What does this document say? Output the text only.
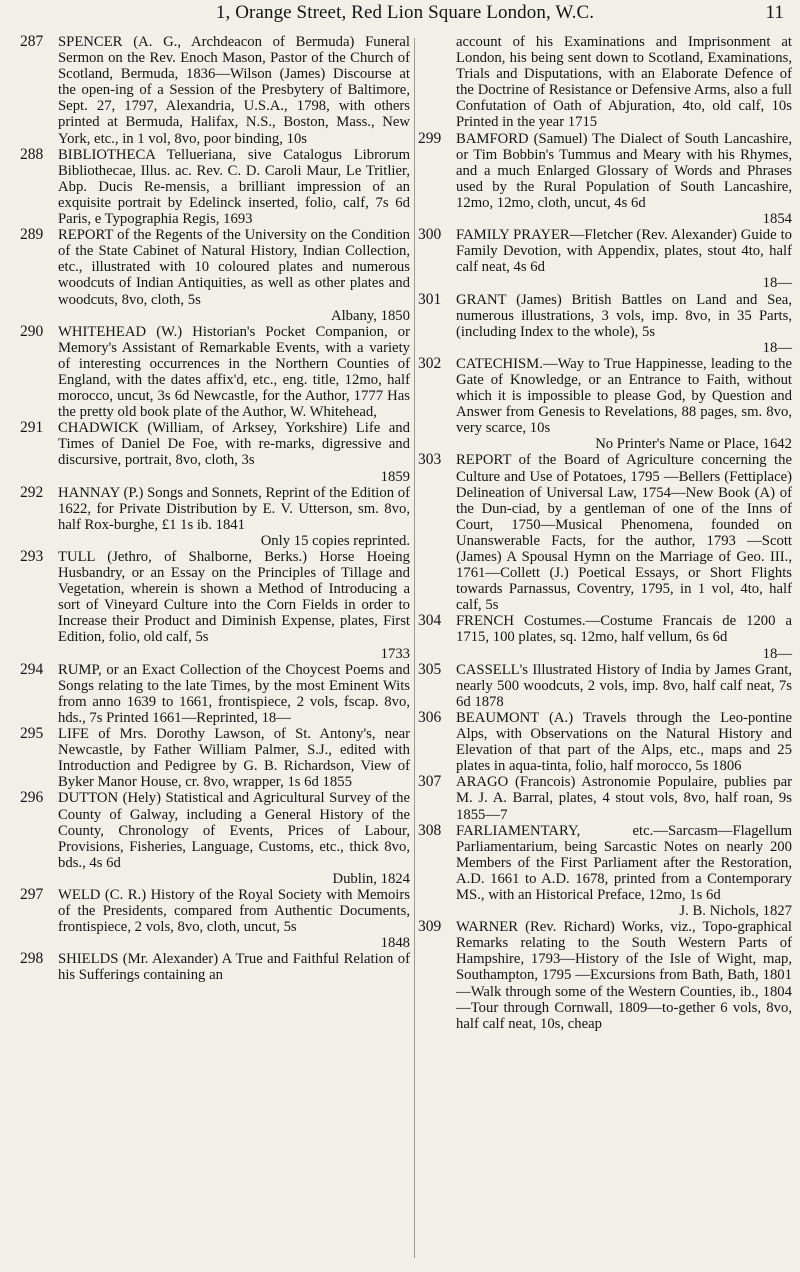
1, Orange Street, Red Lion Square London, W.C.	11
287 SPENCER (A. G., Archdeacon of Bermuda) Funeral Sermon on the Rev. Enoch Mason, Pastor of the Church of Scotland, Bermuda, 1836—Wilson (James) Discourse at the open-ing of a Session of the Presbytery of Baltimore, Sept. 27, 1797, Alexandria, U.S.A., 1798, with others printed at Bermuda, Halifax, N.S., Boston, Mass., New York, etc., in 1 vol, 8vo, poor binding, 10s

288 BIBLIOTHECA Tellueriana, sive Catalogus Librorum Bibliothecae, Illus. ac. Rev. C. D. Caroli Maur, Le Tritlier, Abp. Ducis Re-mensis, a brilliant impression of an exquisite portrait by Edelinck inserted, folio, calf, 7s 6d Paris, e Typographia Regis, 1693

289 REPORT of the Regents of the University on the Condition of the State Cabinet of Natural History, Indian Collection, etc., illustrated with 10 coloured plates and numerous woodcuts of Indian Antiquities, as well as other plates and woodcuts, 8vo, cloth, 5s

Albany, 1850
290 WHITEHEAD (W.) Historian's Pocket Companion, or Memory's Assistant of Remarkable Events, with a variety of interesting occurrences in the Northern Counties of England, with the dates affix'd, etc., eng. title, 12mo, half morocco, uncut, 3s 6d Newcastle, for the Author, 1777 Has the pretty old book plate of the Author, W. Whitehead,

291 CHADWICK (William, of Arksey, Yorkshire) Life and Times of Daniel De Foe, with re-marks, digressive and discursive, portrait, 8vo, cloth, 3s

1859
292 HANNAY (P.) Songs and Sonnets, Reprint of the Edition of 1622, for Private Distribution by E. V. Utterson, sm. 8vo, half Rox-burghe, £1 1s ib. 1841

Only 15 copies reprinted.
293 TULL (Jethro, of Shalborne, Berks.) Horse Hoeing Husbandry, or an Essay on the Principles of Tillage and Vegetation, wherein is shown a Method of Introducing a sort of Vineyard Culture into the Corn Fields in order to Increase their Product and Diminish Expense, plates, First Edition, folio, old calf, 5s

1733
294 RUMP, or an Exact Collection of the Choycest Poems and Songs relating to the late Times, by the most Eminent Wits from anno 1639 to 1661, frontispiece, 2 vols, fscap. 8vo, hds., 7s Printed 1661—Reprinted, 18—

295 LIFE of Mrs. Dorothy Lawson, of St. Antony's, near Newcastle, by Father William Palmer, S.J., edited with Introduction and Pedigree by G. B. Richardson, View of Byker Manor House, cr. 8vo, wrapper, 1s 6d 1855

296 DUTTON (Hely) Statistical and Agricultural Survey of the County of Galway, including a General History of the County, Chronology of Events, Prices of Labour, Provisions, Fisheries, Language, Customs, etc., thick 8vo, bds., 4s 6d

Dublin, 1824
297 WELD (C. R.) History of the Royal Society with Memoirs of the Presidents, compared from Authentic Documents, frontispiece, 2 vols, 8vo, cloth, uncut, 5s

1848
298 SHIELDS (Mr. Alexander) A True and Faithful Relation of his Sufferings containing an

account of his Examinations and Imprisonment at London, his being sent down to Scotland, Examinations, Trials and Disputations, with an Elaborate Defence of the Doctrine of Resistance or Defensive Arms, also a full Confutation of Oath of Abjuration, 4to, old calf, 10s Printed in the year 1715

299 BAMFORD (Samuel) The Dialect of South Lancashire, or Tim Bobbin's Tummus and Meary with his Rhymes, and a much Enlarged Glossary of Words and Phrases used by the Rural Population of South Lancashire, 12mo, 12mo, cloth, uncut, 4s 6d

1854
300 FAMILY PRAYER—Fletcher (Rev. Alexander) Guide to Family Devotion, with Appendix, plates, stout 4to, half calf neat, 4s 6d

18—
301 GRANT (James) British Battles on Land and Sea, numerous illustrations, 3 vols, imp. 8vo, in 35 Parts, (including Index to the whole), 5s

18—
302 CATECHISM.—Way to True Happinesse, leading to the Gate of Knowledge, or an Entrance to Faith, without which it is impossible to please God, by Question and Answer from Genesis to Revelations, 88 pages, sm. 8vo, very scarce, 10s

No Printer's Name or Place, 1642
303 REPORT of the Board of Agriculture concerning the Culture and Use of Potatoes, 1795 —Bellers (Fettiplace) Delineation of Universal Law, 1754—New Book (A) of the Dun-ciad, by a gentleman of one of the Inns of Court, 1750—Musical Phenomena, founded on Unanswerable Facts, for the author, 1793 —Scott (James) A Spousal Hymn on the Marriage of Geo. III., 1761—Collett (J.) Poetical Essays, or Short Flights towards Parnassus, Coventry, 1795, in 1 vol, 4to, half calf, 5s

304 FRENCH Costumes.—Costume Francais de 1200 a 1715, 100 plates, sq. 12mo, half vellum, 6s 6d

18—
305 CASSELL's Illustrated History of India by James Grant, nearly 500 woodcuts, 2 vols, imp. 8vo, half calf neat, 7s 6d 1878

306 BEAUMONT (A.) Travels through the Leo-pontine Alps, with Observations on the Natural History and Elevation of that part of the Alps, etc., maps and 25 plates in aqua-tinta, folio, half morocco, 5s 1806

307 ARAGO (Francois) Astronomie Populaire, publies par M. J. A. Barral, plates, 4 stout vols, 8vo, half roan, 9s 1855—7

308 FARLIAMENTARY, etc.—Sarcasm—Flagellum Parliamentarium, being Sarcastic Notes on nearly 200 Members of the First Parliament after the Restoration, A.D. 1661 to A.D. 1678, printed from a Contemporary MS., with an Historical Preface, 12mo, 1s 6d

J. B. Nichols, 1827
309 WARNER (Rev. Richard) Works, viz., Topo-graphical Remarks relating to the South Western Parts of Hampshire, 1793—History of the Isle of Wight, map, Southampton, 1795 —Excursions from Bath, Bath, 1801—Walk through some of the Western Counties, ib., 1804—Tour through Cornwall, 1809—to-gether 6 vols, 8vo, half calf neat, 10s, cheap
